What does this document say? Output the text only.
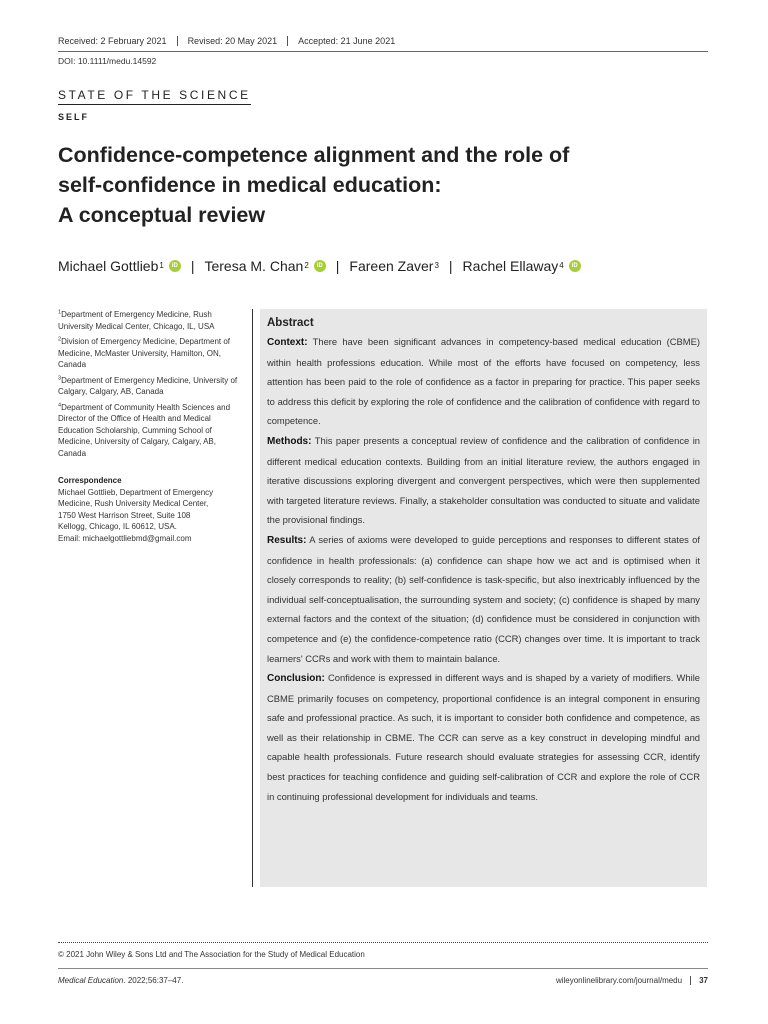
Received: 2 February 2021	Revised: 20 May 2021	Accepted: 21 June 2021
DOI: 10.1111/medu.14592
STATE OF THE SCIENCE
SELF
Confidence-competence alignment and the role of
self-confidence in medical education:
A conceptual review
Michael Gottlieb 1	iD | Teresa M. Chan 2	iD | Fareen Zaver 3 | Rachel Ellaway 4	iD
$^1$Department of Emergency Medicine, Rush University Medical Center, Chicago, IL, USA
$^2$Division of Emergency Medicine, Department of Medicine, McMaster University, Hamilton, ON, Canada
$^3$Department of Emergency Medicine, University of Calgary, Calgary, AB, Canada
$^4$Department of Community Health Sciences and Director of the Office of Health and Medical Education Scholarship, Cumming School of Medicine, University of Calgary, Calgary, AB, Canada
Correspondence
Michael Gottlieb, Department of Emergency
Medicine, Rush University Medical Center,
1750 West Harrison Street, Suite 108
Kellogg, Chicago, IL 60612, USA.
Email: michaelgottliebmd@gmail.com
Abstract
Context: There have been significant advances in competency-based medical education (CBME) within health professions education. While most of the efforts have focused on competency, less attention has been paid to the role of confidence as a factor in preparing for practice. This paper seeks to address this deficit by exploring the role of confidence and the calibration of confidence with regard to competence.
Methods: This paper presents a conceptual review of confidence and the calibration of confidence in different medical education contexts. Building from an initial literature review, the authors engaged in iterative discussions exploring divergent and convergent perspectives, which were then supplemented with targeted literature reviews. Finally, a stakeholder consultation was conducted to situate and validate the provisional findings.
Results: A series of axioms were developed to guide perceptions and responses to different states of confidence in health professionals: (a) confidence can shape how we act and is optimised when it closely corresponds to reality; (b) self-confidence is task-specific, but also inextricably influenced by the individual self-conceptualisation, the surrounding system and society; (c) confidence is shaped by many external factors and the context of the situation; (d) confidence must be considered in conjunction with competence and (e) the confidence-competence ratio (CCR) changes over time. It is important to track learners' CCRs and work with them to maintain balance.
Conclusion: Confidence is expressed in different ways and is shaped by a variety of modifiers. While CBME primarily focuses on competency, proportional confidence is an integral component in ensuring safe and professional practice. As such, it is important to consider both confidence and competence, as well as their relationship in CBME. The CCR can serve as a key construct in developing mindful and capable health professionals. Future research should evaluate strategies for assessing CCR, identify best practices for teaching confidence and guiding self-calibration of CCR and explore the role of CCR in continuing professional development for individuals and teams.
© 2021 John Wiley & Sons Ltd and The Association for the Study of Medical Education
Medical Education. 2022;56:37–47.	wileyonlinelibrary.com/journal/medu	37
